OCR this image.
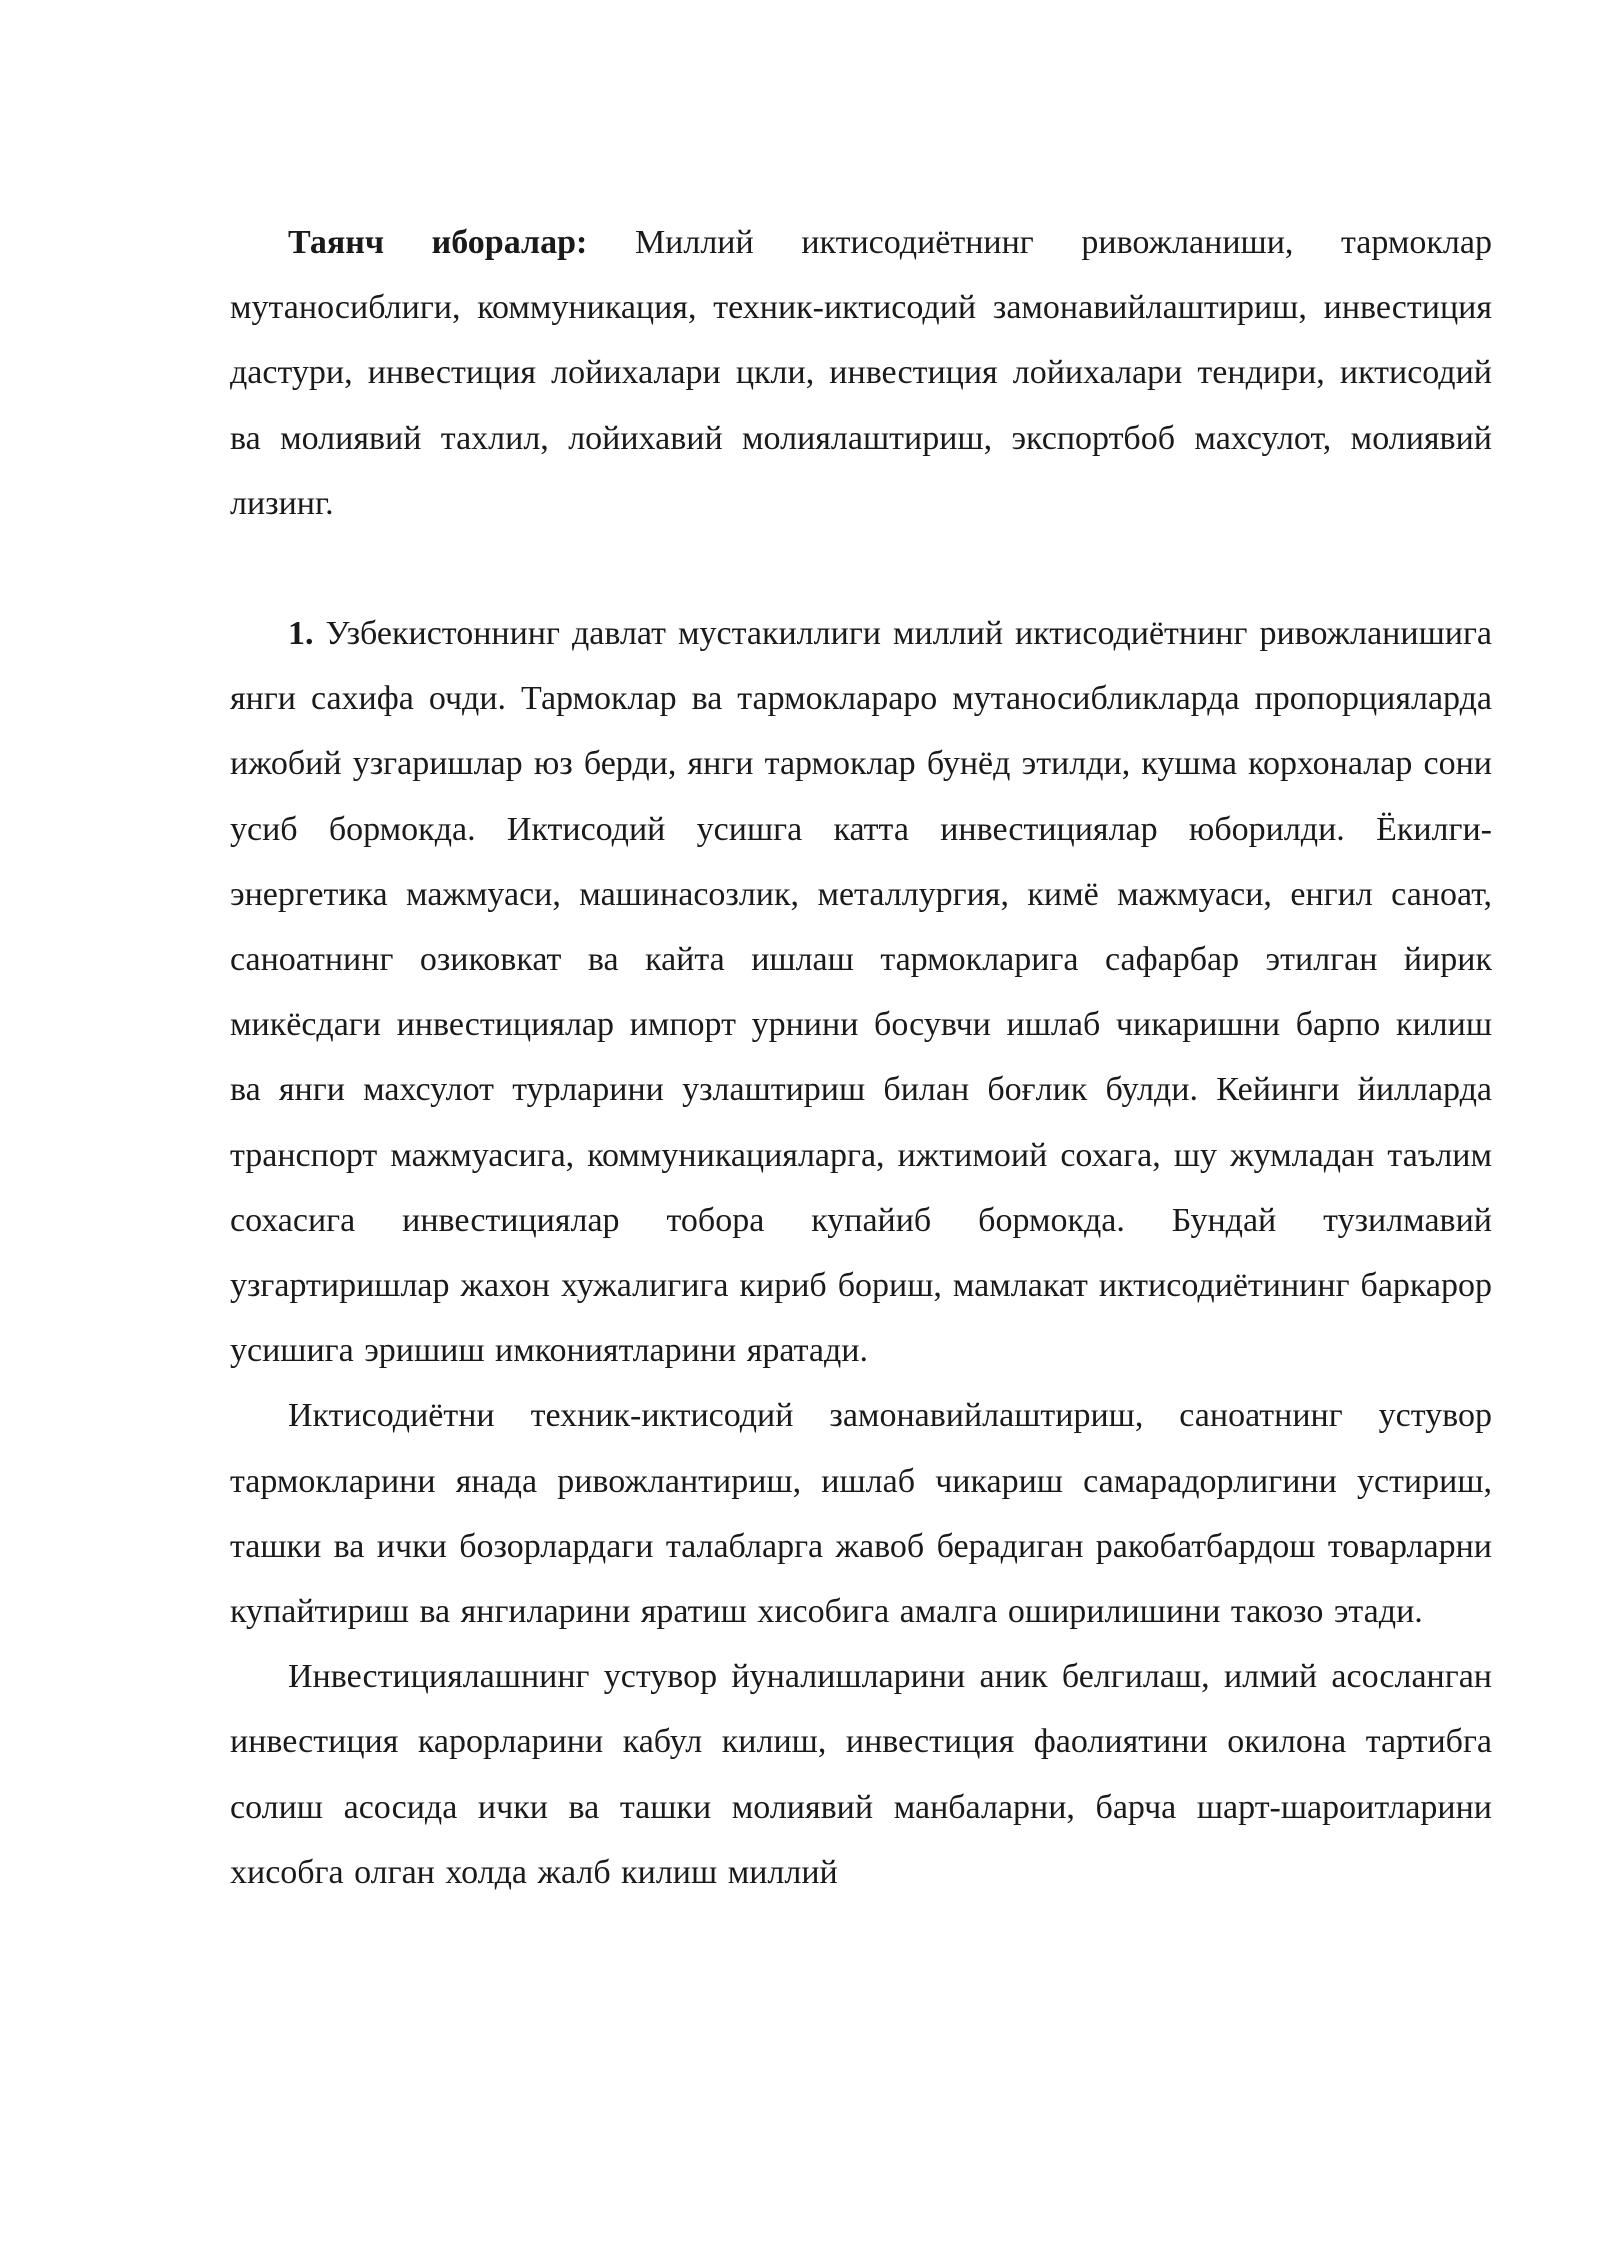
Таянч иборалар: Миллий иктисодиётнинг ривожланиши, тармоклар мутаносиблиги, коммуникация, техник-иктисодий замонавийлаштириш, инвестиция дастури, инвестиция лойихалари цкли, инвестиция лойихалари тендири, иктисодий ва молиявий тахлил, лойихавий молиялаштириш, экспортбоб махсулот, молиявий лизинг.

1. Узбекистоннинг давлат мустакиллиги миллий иктисодиётнинг ривожланишига янги сахифа очди. Тармоклар ва тармоклараро мутаносибликларда пропорцияларда ижобий узгаришлар юз берди, янги тармоклар бунёд этилди, кушма корхоналар сони усиб бормокда. Иктисодий усишга катта инвестициялар юборилди. Ёкилги-энергетика мажмуаси, машинасозлик, металлургия, кимё мажмуаси, енгил саноат, саноатнинг озиковкат ва кайта ишлаш тармокларига сафарбар этилган йирик микёсдаги инвестициялар импорт урнини босувчи ишлаб чикаришни барпо килиш ва янги махсулот турларини узлаштириш билан боғлик булди. Кейинги йилларда транспорт мажмуасига, коммуникацияларга, ижтимоий сохага, шу жумладан таълим сохасига инвестициялар тобора купайиб бормокда. Бундай тузилмавий узгартиришлар жахон хужалигига кириб бориш, мамлакат иктисодиётининг баркарор усишига эришиш имкониятларини яратади.

Иктисодиётни техник-иктисодий замонавийлаштириш, саноатнинг устувор тармокларини янада ривожлантириш, ишлаб чикариш самарадорлигини устириш, ташки ва ички бозорлардаги талабларга жавоб берадиган ракобатбардош товарларни купайтириш ва янгиларини яратиш хисобига амалга оширилишини такозо этади.

Инвестициялашнинг устувор йуналишларини аник белгилаш, илмий асосланган инвестиция карорларини кабул килиш, инвестиция фаолиятини окилона тартибга солиш асосида ички ва ташки молиявий манбаларни, барча шарт-шароитларини хисобга олган холда жалб килиш миллий
